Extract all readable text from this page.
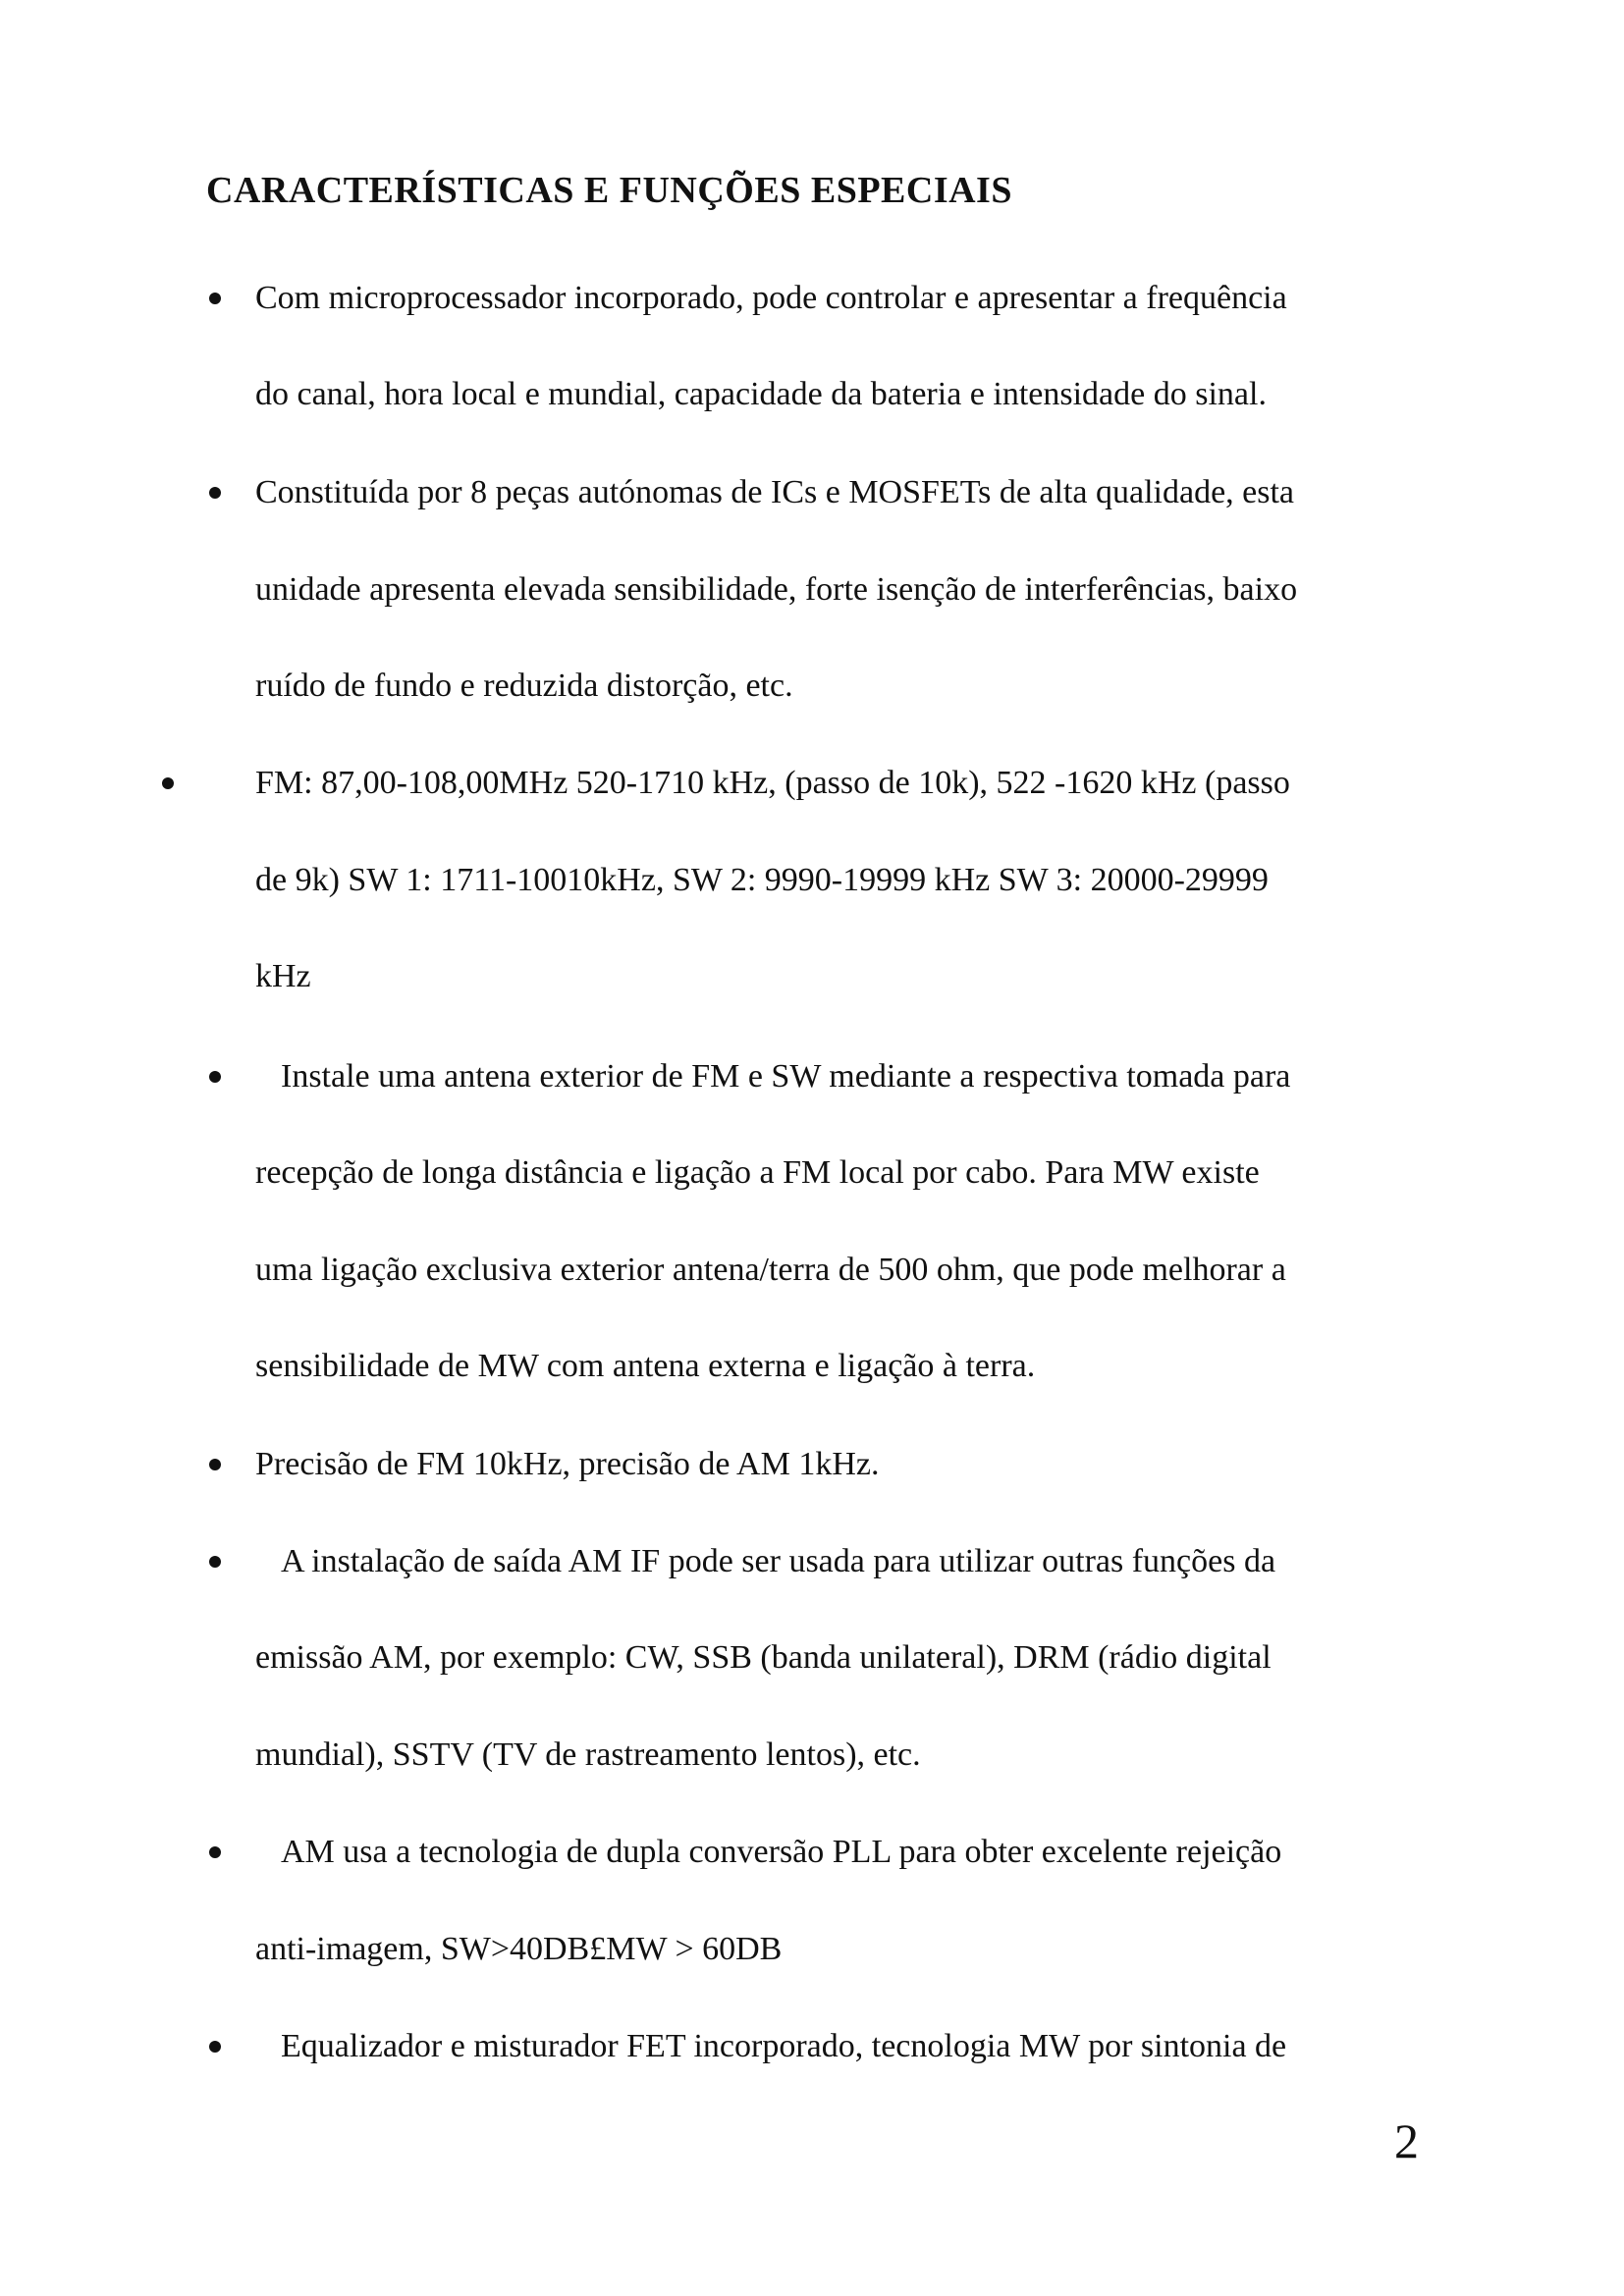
CARACTERÍSTICAS E FUNÇÕES ESPECIAIS
Com microprocessador incorporado, pode controlar e apresentar a frequência
do canal, hora local e mundial, capacidade da bateria e intensidade do sinal.
Constituída por 8 peças autónomas de ICs e MOSFETs de alta qualidade, esta
unidade apresenta elevada sensibilidade, forte isenção de interferências, baixo
ruído de fundo e reduzida distorção, etc.
FM: 87,00-108,00MHz 520-1710 kHz, (passo de 10k), 522 -1620 kHz (passo
de 9k) SW 1: 1711-10010kHz, SW 2: 9990-19999 kHz SW 3: 20000-29999
kHz
Instale uma antena exterior de FM e SW mediante a respectiva tomada para
recepção de longa distância e ligação a FM local por cabo. Para MW existe
uma ligação exclusiva exterior antena/terra de 500 ohm, que pode melhorar a
sensibilidade de MW com antena externa e ligação à terra.
Precisão de FM 10kHz, precisão de AM 1kHz.
A instalação de saída AM IF pode ser usada para utilizar outras funções da
emissão AM, por exemplo: CW, SSB (banda unilateral), DRM (rádio digital
mundial), SSTV (TV de rastreamento lentos), etc.
AM usa a tecnologia de dupla conversão PLL para obter excelente rejeição
anti-imagem, SW>40DB£MW > 60DB
Equalizador e misturador FET incorporado, tecnologia MW por sintonia de
2
